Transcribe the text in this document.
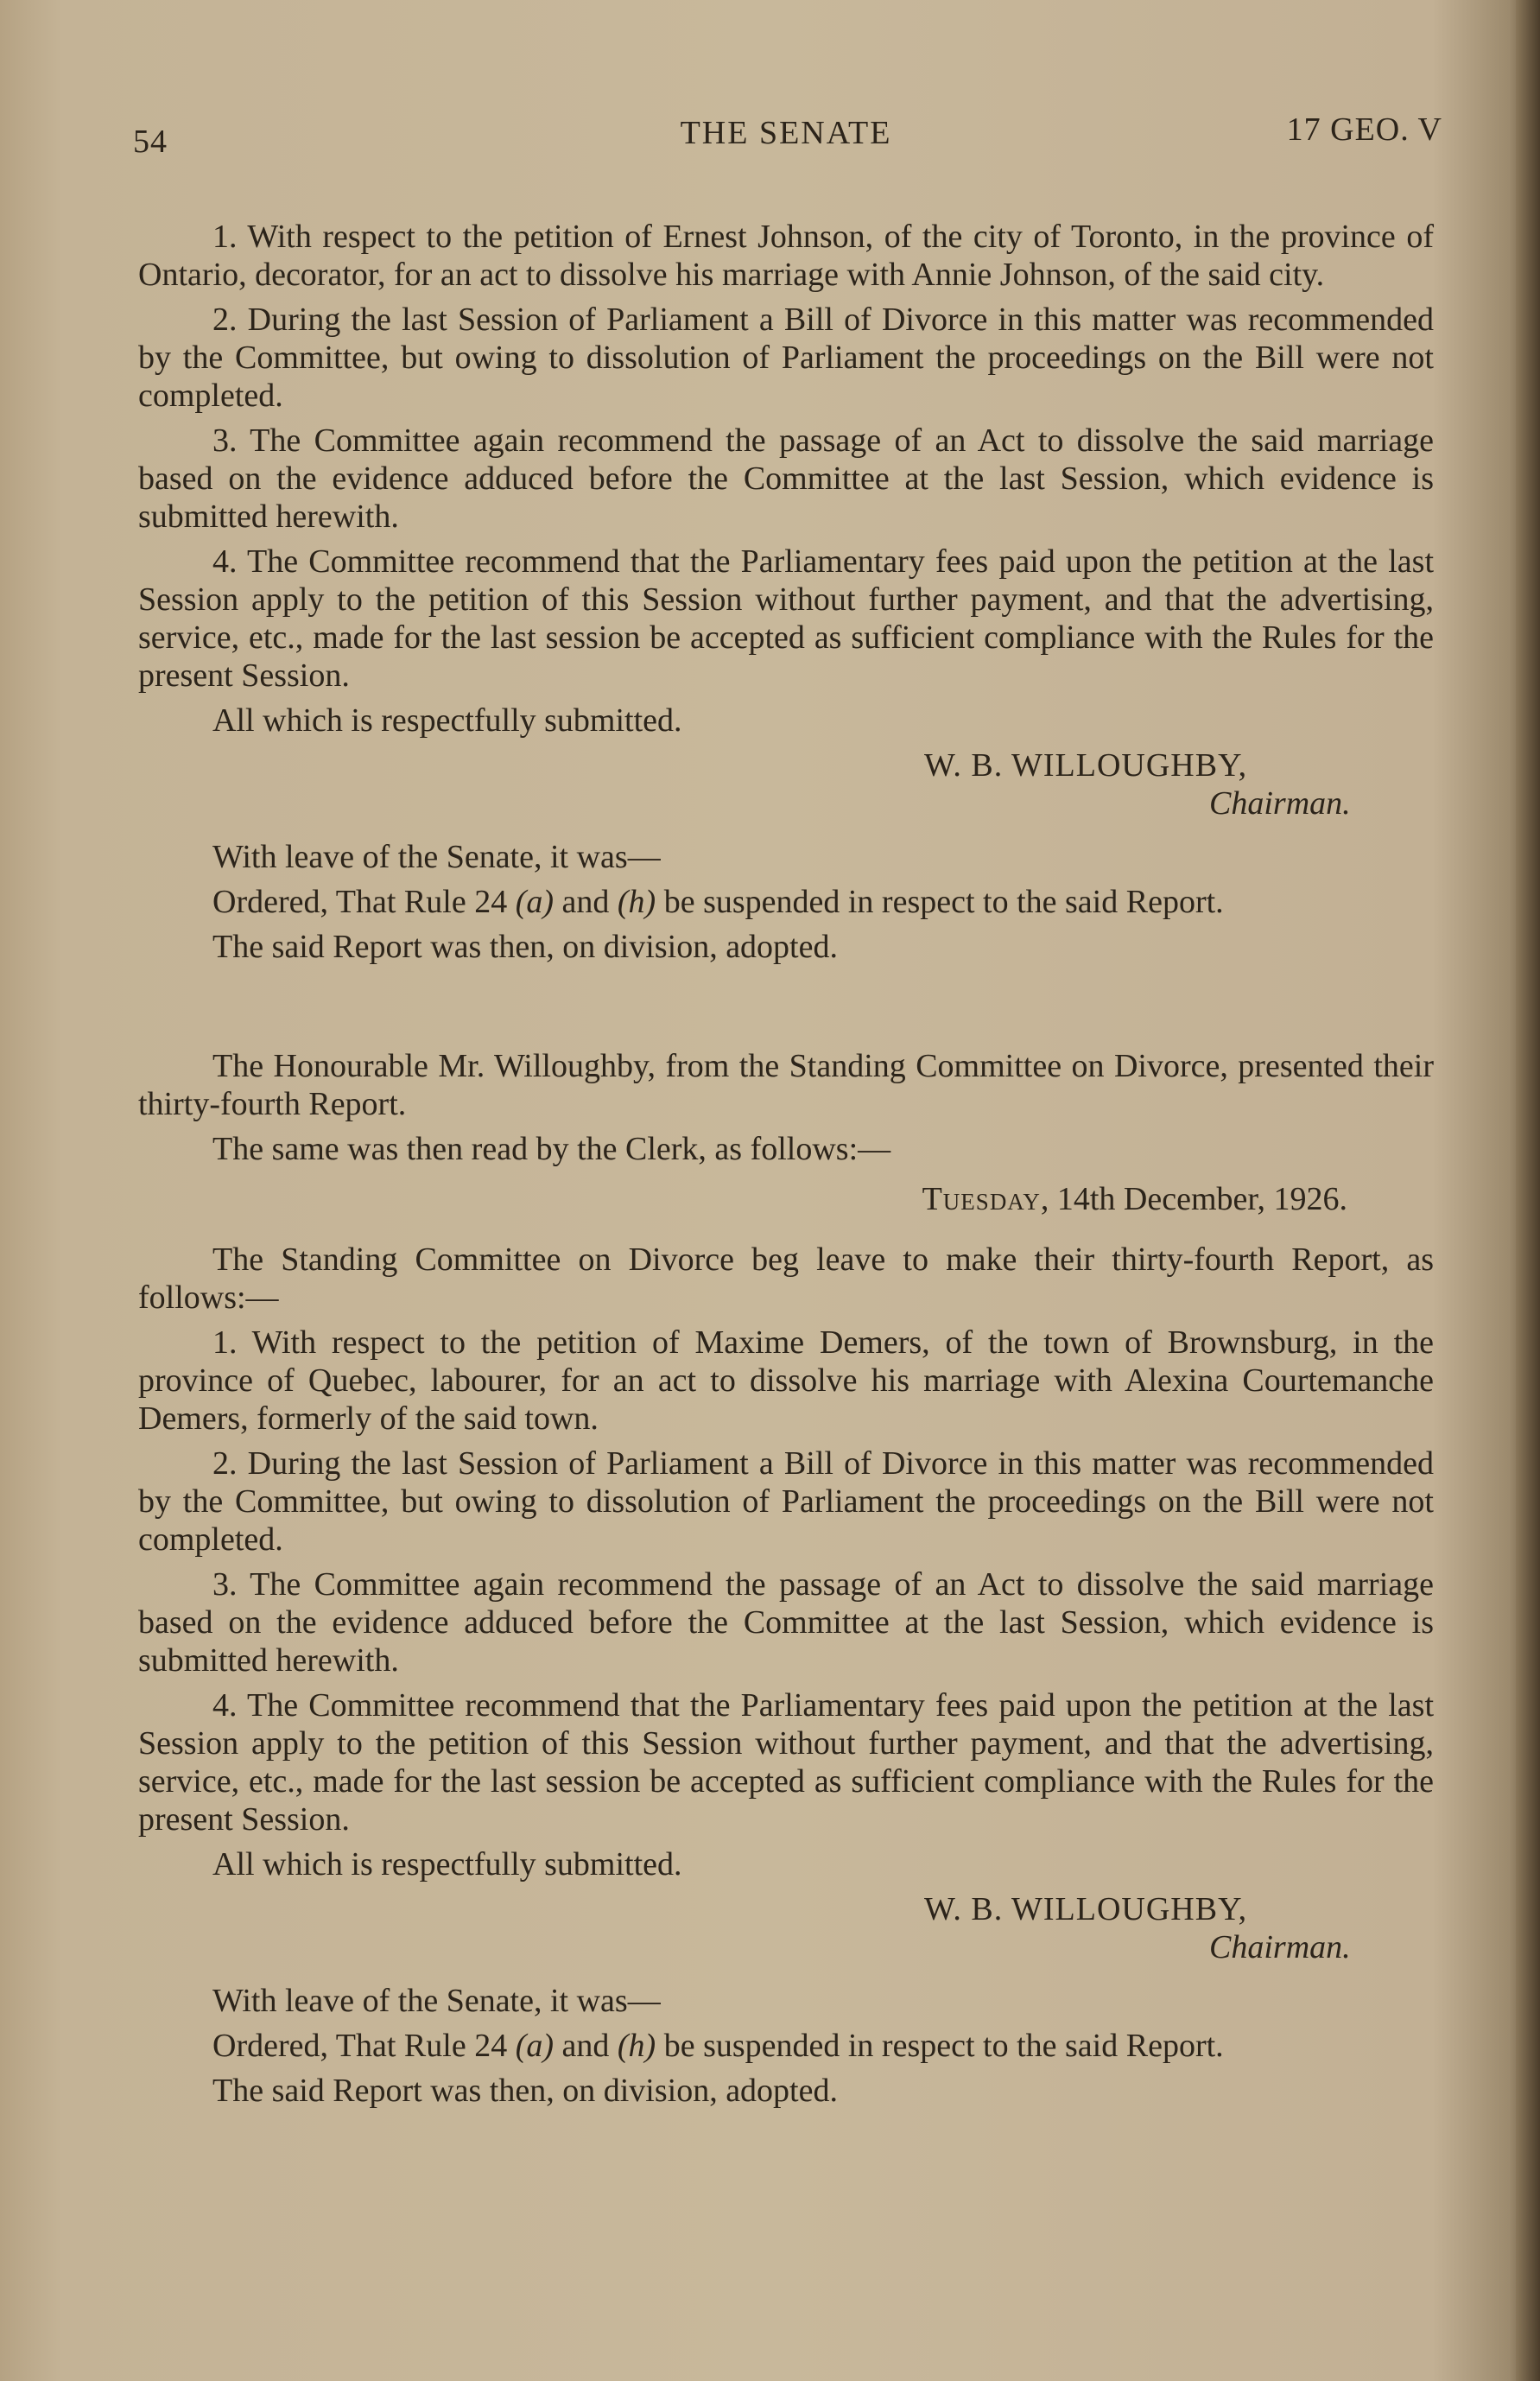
54	THE SENATE	17 GEO. V

1. With respect to the petition of Ernest Johnson, of the city of Toronto, in the province of Ontario, decorator, for an act to dissolve his marriage with Annie Johnson, of the said city.

2. During the last Session of Parliament a Bill of Divorce in this matter was recommended by the Committee, but owing to dissolution of Parliament the proceedings on the Bill were not completed.

3. The Committee again recommend the passage of an Act to dissolve the said marriage based on the evidence adduced before the Committee at the last Session, which evidence is submitted herewith.

4. The Committee recommend that the Parliamentary fees paid upon the petition at the last Session apply to the petition of this Session without further payment, and that the advertising, service, etc., made for the last session be accepted as sufficient compliance with the Rules for the present Session.

All which is respectfully submitted.

W. B. WILLOUGHBY,
Chairman.

With leave of the Senate, it was—

Ordered, That Rule 24 (a) and (h) be suspended in respect to the said Report.

The said Report was then, on division, adopted.

The Honourable Mr. Willoughby, from the Standing Committee on Divorce, presented their thirty-fourth Report.

The same was then read by the Clerk, as follows:—

Tuesday, 14th December, 1926.

The Standing Committee on Divorce beg leave to make their thirty-fourth Report, as follows:—

1. With respect to the petition of Maxime Demers, of the town of Brownsburg, in the province of Quebec, labourer, for an act to dissolve his marriage with Alexina Courtemanche Demers, formerly of the said town.

2. During the last Session of Parliament a Bill of Divorce in this matter was recommended by the Committee, but owing to dissolution of Parliament the proceedings on the Bill were not completed.

3. The Committee again recommend the passage of an Act to dissolve the said marriage based on the evidence adduced before the Committee at the last Session, which evidence is submitted herewith.

4. The Committee recommend that the Parliamentary fees paid upon the petition at the last Session apply to the petition of this Session without further payment, and that the advertising, service, etc., made for the last session be accepted as sufficient compliance with the Rules for the present Session.

All which is respectfully submitted.

W. B. WILLOUGHBY,
Chairman.

With leave of the Senate, it was—

Ordered, That Rule 24 (a) and (h) be suspended in respect to the said Report.

The said Report was then, on division, adopted.
